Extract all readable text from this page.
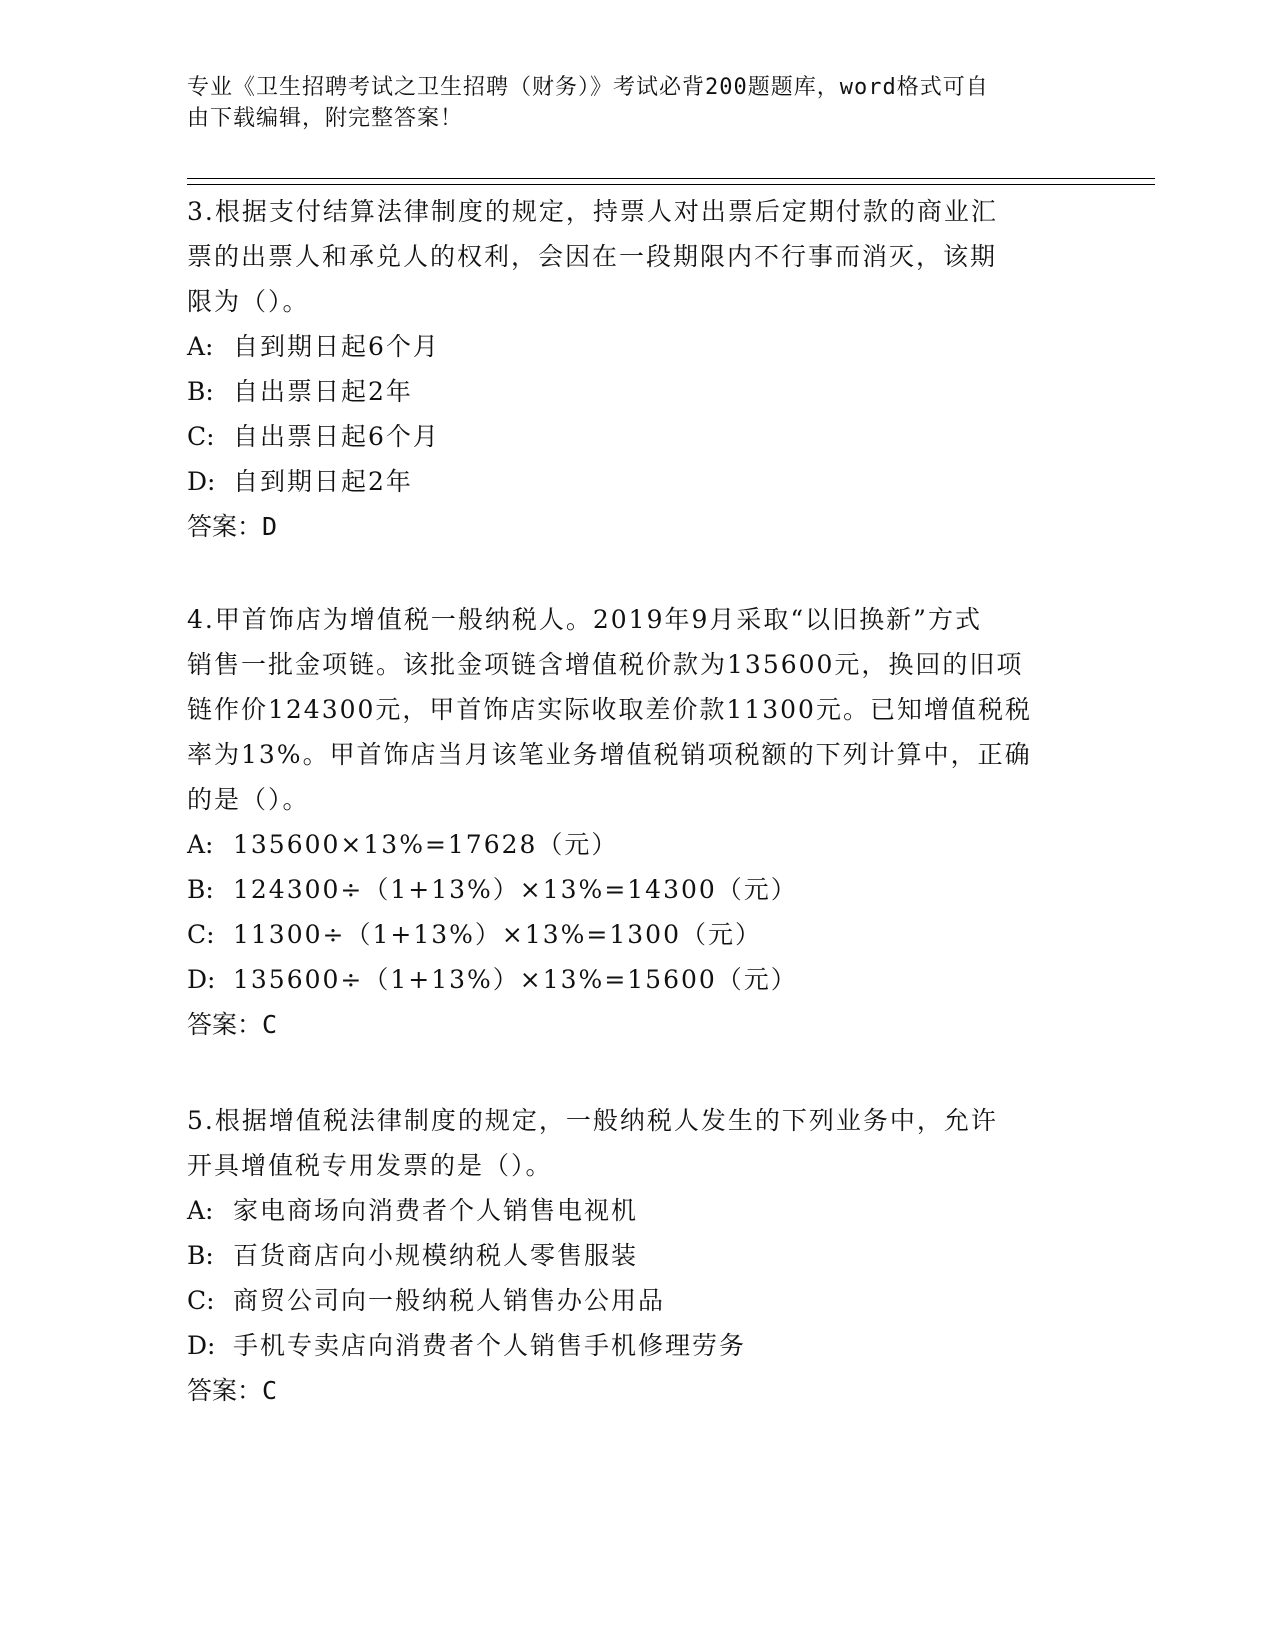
专业《卫生招聘考试之卫生招聘（财务）》考试必背200题题库，word格式可自
由下载编辑，附完整答案！

3.根据支付结算法律制度的规定，持票人对出票后定期付款的商业汇

票的出票人和承兑人的权利，会因在一段期限内不行事而消灭，该期

限为（）。

A: 自到期日起6个月

B: 自出票日起2年

C: 自出票日起6个月

D: 自到期日起2年

答案：D

4.甲首饰店为增值税一般纳税人。2019年9月采取“以旧换新”方式

销售一批金项链。该批金项链含增值税价款为135600元，换回的旧项

链作价124300元，甲首饰店实际收取差价款11300元。已知增值税税

率为13%。甲首饰店当月该笔业务增值税销项税额的下列计算中，正确

的是（）。

A: 135600×13%=17628（元）

B: 124300÷（1+13%）×13%=14300（元）

C: 11300÷（1+13%）×13%=1300（元）

D: 135600÷（1+13%）×13%=15600（元）

答案：C

5.根据增值税法律制度的规定，一般纳税人发生的下列业务中，允许

开具增值税专用发票的是（）。

A: 家电商场向消费者个人销售电视机

B: 百货商店向小规模纳税人零售服装

C: 商贸公司向一般纳税人销售办公用品

D: 手机专卖店向消费者个人销售手机修理劳务

答案：C
